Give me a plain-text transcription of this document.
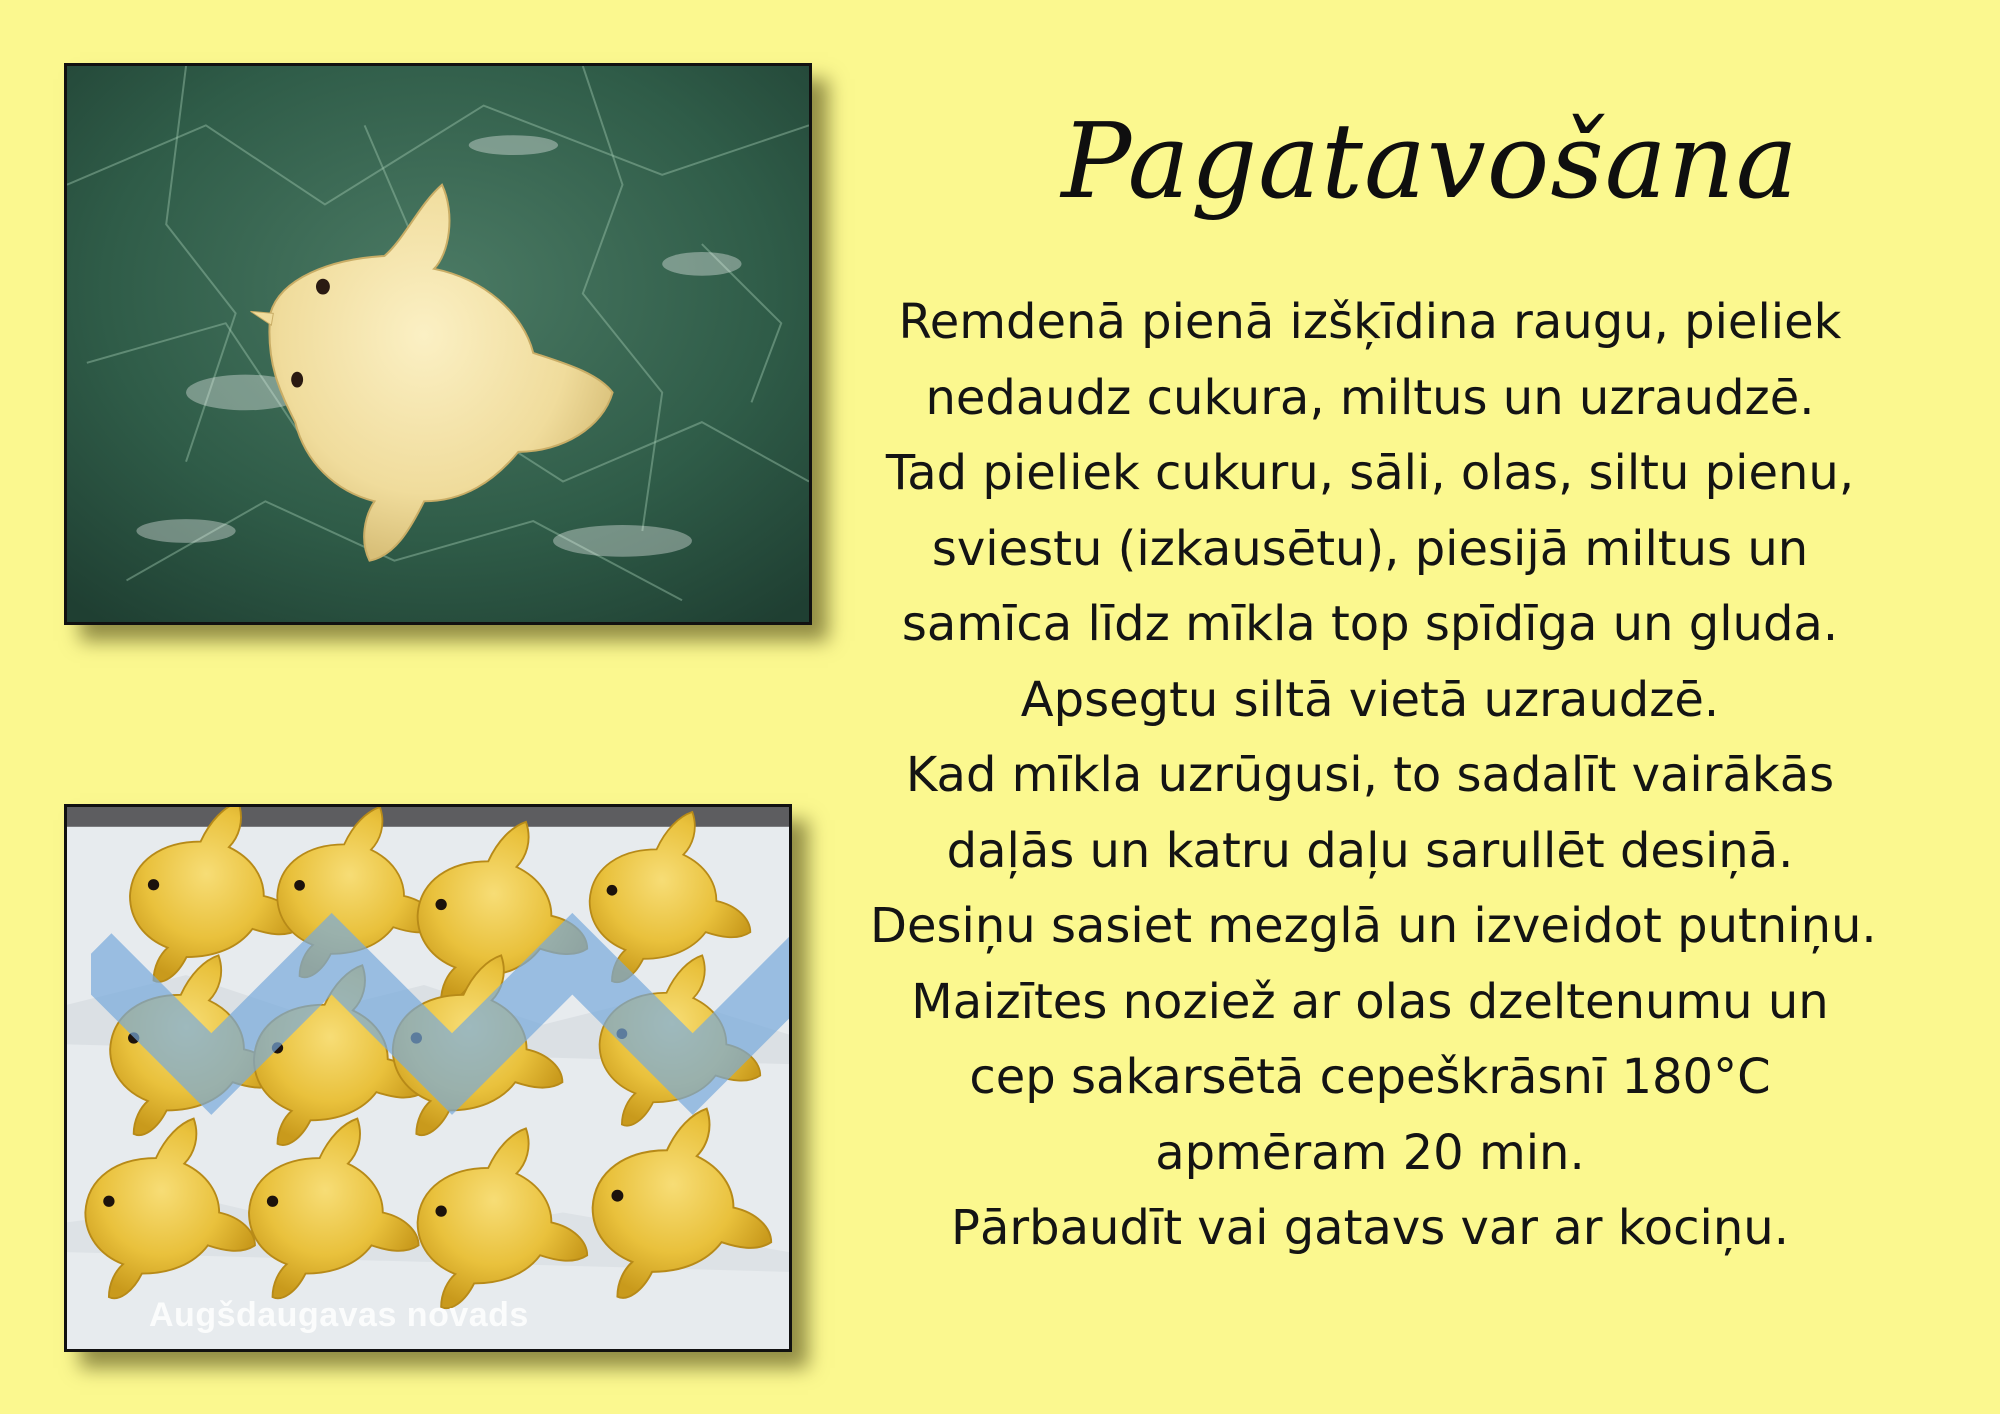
Augšdaugavas novads
Pagatavošana
Remdenā pienā izšķīdina raugu, pieliek
nedaudz cukura, miltus un uzraudzē.
Tad pieliek cukuru, sāli, olas, siltu pienu,
sviestu (izkausētu), piesijā miltus un
samīca līdz mīkla top spīdīga un gluda.
Apsegtu siltā vietā uzraudzē.
Kad mīkla uzrūgusi, to sadalīt vairākās
daļās un katru daļu sarullēt desiņā.
Desiņu sasiet mezglā un izveidot putniņu.
Maizītes noziež ar olas dzeltenumu un
cep sakarsētā cepeškrāsnī 180°C
apmēram 20 min.
Pārbaudīt vai gatavs var ar kociņu.
